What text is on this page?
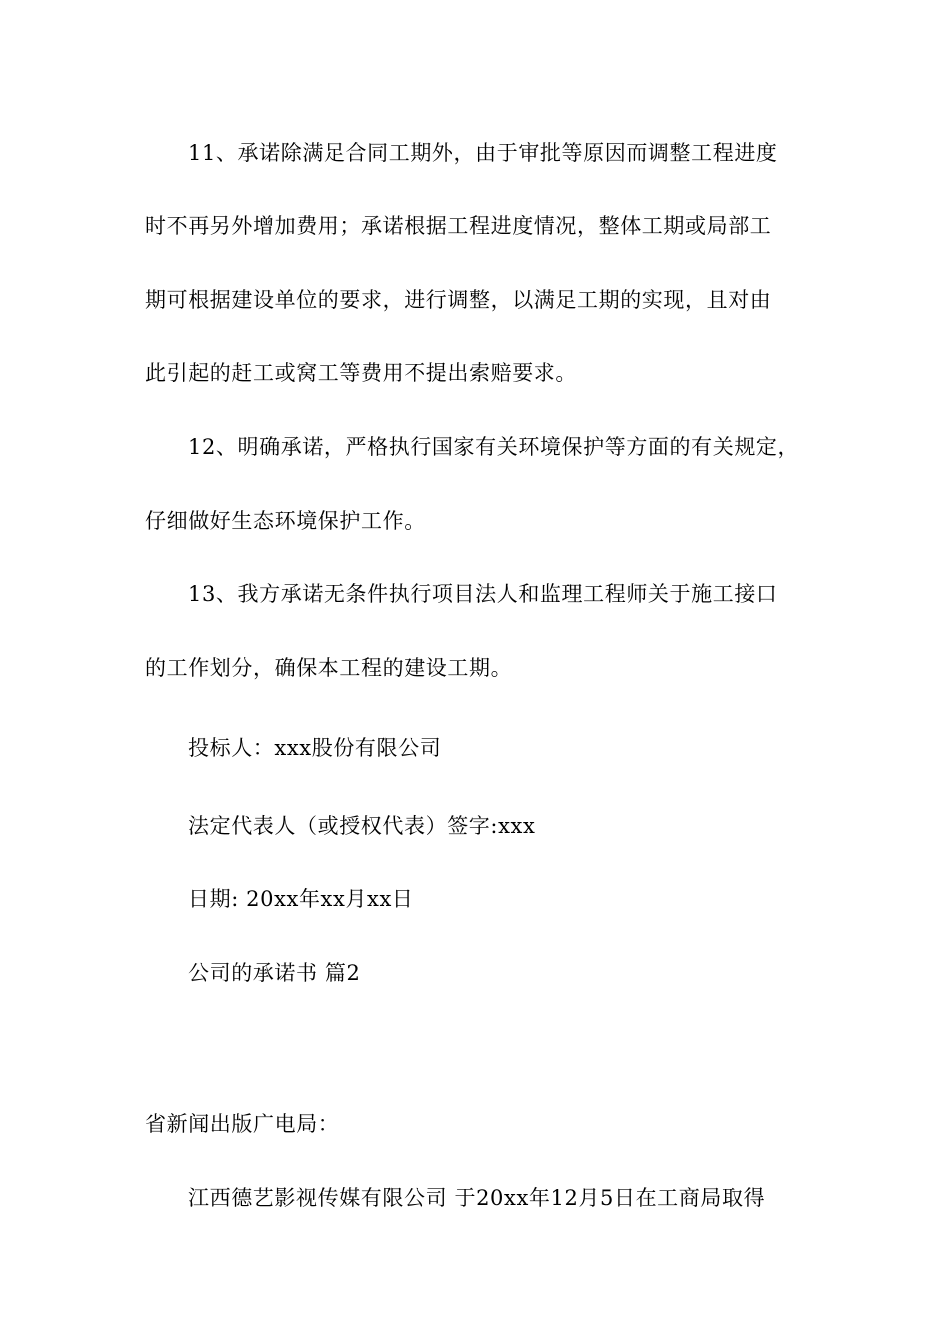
11、承诺除满足合同工期外，由于审批等原因而调整工程进度
时不再另外增加费用；承诺根据工程进度情况，整体工期或局部工
期可根据建设单位的要求，进行调整，以满足工期的实现，且对由
此引起的赶工或窝工等费用不提出索赔要求。
12、明确承诺，严格执行国家有关环境保护等方面的有关规定，
仔细做好生态环境保护工作。
13、我方承诺无条件执行项目法人和监理工程师关于施工接口
的工作划分，确保本工程的建设工期。
投标人：xxx股份有限公司
法定代表人（或授权代表）签字:xxx
日期: 20xx年xx月xx日
公司的承诺书 篇2
省新闻出版广电局：
江西德艺影视传媒有限公司 于20xx年12月5日在工商局取得
